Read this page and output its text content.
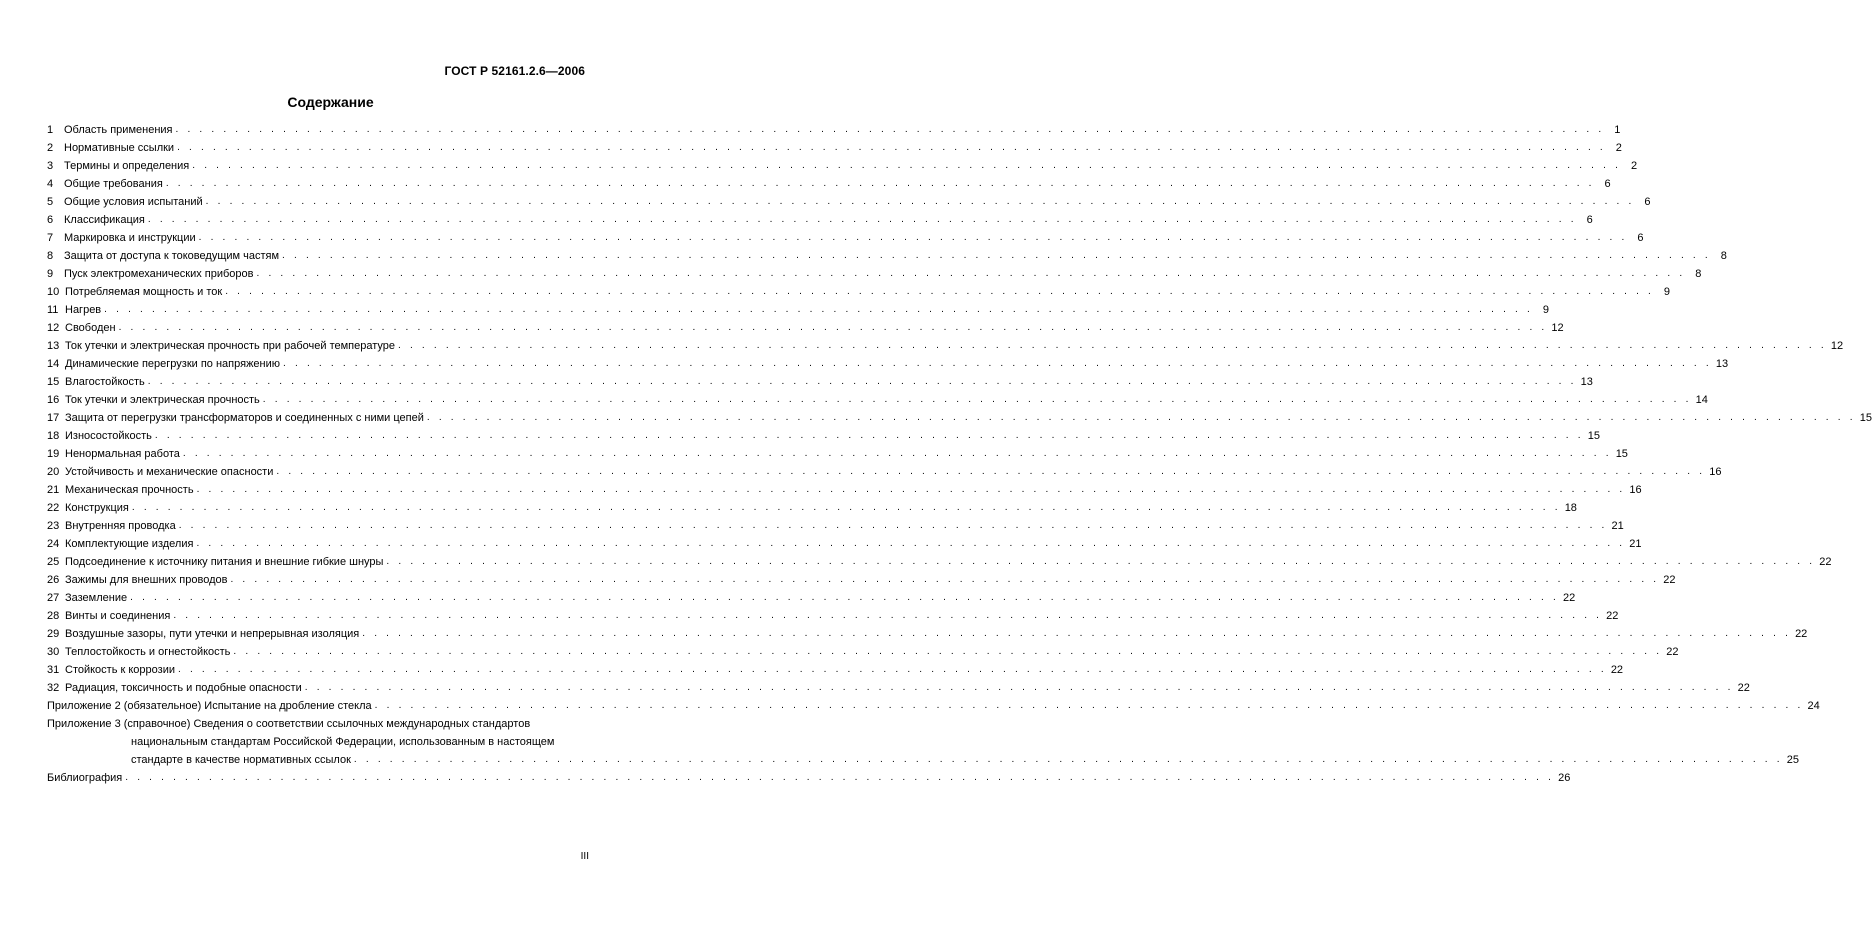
ГОСТ Р 52161.2.6—2006
Содержание
1 Область применения . . . . . . . . . . . . . . . . . . . . . . . . . . . . . . . . . . . . . . . . . . . . . . . . . . . . . . . . . . . . . . . . . . . . . . . . . . . . . . . . . . . . . . . . . . . . . . . . . . . . . . . . . . . . . . . . . . . . . . . . 1
2 Нормативные ссылки . . . . . . . . . . . . . . . . . . . . . . . . . . . . . . . . . . . . . . . . . . . . . . . . . . . . . . . . . . . . . . . . . . . . . . . . . . . . . . . . . . . . . . . . . . . . . . . . . . . . . . . . . . . . . . . . . . . . . . . . 2
3 Термины и определения . . . . . . . . . . . . . . . . . . . . . . . . . . . . . . . . . . . . . . . . . . . . . . . . . . . . . . . . . . . . . . . . . . . . . . . . . . . . . . . . . . . . . . . . . . . . . . . . . . . . . . . . . . . . . . . . . . . . . . . . 2
4 Общие требования . . . . . . . . . . . . . . . . . . . . . . . . . . . . . . . . . . . . . . . . . . . . . . . . . . . . . . . . . . . . . . . . . . . . . . . . . . . . . . . . . . . . . . . . . . . . . . . . . . . . . . . . . . . . . . . . . . . . . . . . 6
5 Общие условия испытаний . . . . . . . . . . . . . . . . . . . . . . . . . . . . . . . . . . . . . . . . . . . . . . . . . . . . . . . . . . . . . . . . . . . . . . . . . . . . . . . . . . . . . . . . . . . . . . . . . . . . . . . . . . . . . . . . . . . . . . . . 6
6 Классификация . . . . . . . . . . . . . . . . . . . . . . . . . . . . . . . . . . . . . . . . . . . . . . . . . . . . . . . . . . . . . . . . . . . . . . . . . . . . . . . . . . . . . . . . . . . . . . . . . . . . . . . . . . . . . . . . . . . . . . . . 6
7 Маркировка и инструкции . . . . . . . . . . . . . . . . . . . . . . . . . . . . . . . . . . . . . . . . . . . . . . . . . . . . . . . . . . . . . . . . . . . . . . . . . . . . . . . . . . . . . . . . . . . . . . . . . . . . . . . . . . . . . . . . . . . . . . . . 6
8 Защита от доступа к токоведущим частям . . . . . . . . . . . . . . . . . . . . . . . . . . . . . . . . . . . . . . . . . . . . . . . . . . . . . . . . . . . . . . . . . . . . . . . . . . . . . . . . . . . . . . . . . . . . . . . . . . . . . . . . . . . . . . . . . . . . . . . . 8
9 Пуск электромеханических приборов . . . . . . . . . . . . . . . . . . . . . . . . . . . . . . . . . . . . . . . . . . . . . . . . . . . . . . . . . . . . . . . . . . . . . . . . . . . . . . . . . . . . . . . . . . . . . . . . . . . . . . . . . . . . . . . . . . . . . . . . 8
10 Потребляемая мощность и ток . . . . . . . . . . . . . . . . . . . . . . . . . . . . . . . . . . . . . . . . . . . . . . . . . . . . . . . . . . . . . . . . . . . . . . . . . . . . . . . . . . . . . . . . . . . . . . . . . . . . . . . . . . . . . . . . . . . . . . . . 9
11 Нагрев . . . . . . . . . . . . . . . . . . . . . . . . . . . . . . . . . . . . . . . . . . . . . . . . . . . . . . . . . . . . . . . . . . . . . . . . . . . . . . . . . . . . . . . . . . . . . . . . . . . . . . . . . . . . . . . . . . . . . . . . 9
12 Свободен . . . . . . . . . . . . . . . . . . . . . . . . . . . . . . . . . . . . . . . . . . . . . . . . . . . . . . . . . . . . . . . . . . . . . . . . . . . . . . . . . . . . . . . . . . . . . . . . . . . . . . . . . . . . . . . . . . . . . . . . 12
13 Ток утечки и электрическая прочность при рабочей температуре . . . . . . . . . . . . . . . . . . . . . . . . . . . . . . . . . . . . . . . . . . . . . . . . . . . . . . . . . . . . . . . . . . . . . . . . . . . . . . . . . . . . . . . . . . . . . . . . . . . . . . . . . . . . . . . . . . . . . . . . 12
14 Динамические перегрузки по напряжению . . . . . . . . . . . . . . . . . . . . . . . . . . . . . . . . . . . . . . . . . . . . . . . . . . . . . . . . . . . . . . . . . . . . . . . . . . . . . . . . . . . . . . . . . . . . . . . . . . . . . . . . . . . . . . . . . . . . . . . . 13
15 Влагостойкость . . . . . . . . . . . . . . . . . . . . . . . . . . . . . . . . . . . . . . . . . . . . . . . . . . . . . . . . . . . . . . . . . . . . . . . . . . . . . . . . . . . . . . . . . . . . . . . . . . . . . . . . . . . . . . . . . . . . . . . . 13
16 Ток утечки и электрическая прочность . . . . . . . . . . . . . . . . . . . . . . . . . . . . . . . . . . . . . . . . . . . . . . . . . . . . . . . . . . . . . . . . . . . . . . . . . . . . . . . . . . . . . . . . . . . . . . . . . . . . . . . . . . . . . . . . . . . . . . . . 14
17 Защита от перегрузки трансформаторов и соединенных с ними цепей . . . . . . . . . . . . . . . . . . . . . . . . . . . . . . . . . . . . . . . . . . . . . . . . . . . . . . . . . . . . . . . . . . . . . . . . . . . . . . . . . . . . . . . . . . . . . . . . . . . . . . . . . . . . . . . . . . . . . . . . 15
18 Износостойкость . . . . . . . . . . . . . . . . . . . . . . . . . . . . . . . . . . . . . . . . . . . . . . . . . . . . . . . . . . . . . . . . . . . . . . . . . . . . . . . . . . . . . . . . . . . . . . . . . . . . . . . . . . . . . . . . . . . . . . . . 15
19 Ненормальная работа . . . . . . . . . . . . . . . . . . . . . . . . . . . . . . . . . . . . . . . . . . . . . . . . . . . . . . . . . . . . . . . . . . . . . . . . . . . . . . . . . . . . . . . . . . . . . . . . . . . . . . . . . . . . . . . . . . . . . . . . 15
20 Устойчивость и механические опасности . . . . . . . . . . . . . . . . . . . . . . . . . . . . . . . . . . . . . . . . . . . . . . . . . . . . . . . . . . . . . . . . . . . . . . . . . . . . . . . . . . . . . . . . . . . . . . . . . . . . . . . . . . . . . . . . . . . . . . . . 16
21 Механическая прочность . . . . . . . . . . . . . . . . . . . . . . . . . . . . . . . . . . . . . . . . . . . . . . . . . . . . . . . . . . . . . . . . . . . . . . . . . . . . . . . . . . . . . . . . . . . . . . . . . . . . . . . . . . . . . . . . . . . . . . . . 16
22 Конструкция . . . . . . . . . . . . . . . . . . . . . . . . . . . . . . . . . . . . . . . . . . . . . . . . . . . . . . . . . . . . . . . . . . . . . . . . . . . . . . . . . . . . . . . . . . . . . . . . . . . . . . . . . . . . . . . . . . . . . . . . 18
23 Внутренняя проводка . . . . . . . . . . . . . . . . . . . . . . . . . . . . . . . . . . . . . . . . . . . . . . . . . . . . . . . . . . . . . . . . . . . . . . . . . . . . . . . . . . . . . . . . . . . . . . . . . . . . . . . . . . . . . . . . . . . . . . . . 21
24 Комплектующие изделия . . . . . . . . . . . . . . . . . . . . . . . . . . . . . . . . . . . . . . . . . . . . . . . . . . . . . . . . . . . . . . . . . . . . . . . . . . . . . . . . . . . . . . . . . . . . . . . . . . . . . . . . . . . . . . . . . . . . . . . . 21
25 Подсоединение к источнику питания и внешние гибкие шнуры . . . . . . . . . . . . . . . . . . . . . . . . . . . . . . . . . . . . . . . . . . . . . . . . . . . . . . . . . . . . . . . . . . . . . . . . . . . . . . . . . . . . . . . . . . . . . . . . . . . . . . . . . . . . . . . . . . . . . . . . 22
26 Зажимы для внешних проводов . . . . . . . . . . . . . . . . . . . . . . . . . . . . . . . . . . . . . . . . . . . . . . . . . . . . . . . . . . . . . . . . . . . . . . . . . . . . . . . . . . . . . . . . . . . . . . . . . . . . . . . . . . . . . . . . . . . . . . . . 22
27 Заземление . . . . . . . . . . . . . . . . . . . . . . . . . . . . . . . . . . . . . . . . . . . . . . . . . . . . . . . . . . . . . . . . . . . . . . . . . . . . . . . . . . . . . . . . . . . . . . . . . . . . . . . . . . . . . . . . . . . . . . . . 22
28 Винты и соединения . . . . . . . . . . . . . . . . . . . . . . . . . . . . . . . . . . . . . . . . . . . . . . . . . . . . . . . . . . . . . . . . . . . . . . . . . . . . . . . . . . . . . . . . . . . . . . . . . . . . . . . . . . . . . . . . . . . . . . . . 22
29 Воздушные зазоры, пути утечки и непрерывная изоляция . . . . . . . . . . . . . . . . . . . . . . . . . . . . . . . . . . . . . . . . . . . . . . . . . . . . . . . . . . . . . . . . . . . . . . . . . . . . . . . . . . . . . . . . . . . . . . . . . . . . . . . . . . . . . . . . . . . . . . . . 22
30 Теплостойкость и огнестойкость . . . . . . . . . . . . . . . . . . . . . . . . . . . . . . . . . . . . . . . . . . . . . . . . . . . . . . . . . . . . . . . . . . . . . . . . . . . . . . . . . . . . . . . . . . . . . . . . . . . . . . . . . . . . . . . . . . . . . . . . 22
31 Стойкость к коррозии . . . . . . . . . . . . . . . . . . . . . . . . . . . . . . . . . . . . . . . . . . . . . . . . . . . . . . . . . . . . . . . . . . . . . . . . . . . . . . . . . . . . . . . . . . . . . . . . . . . . . . . . . . . . . . . . . . . . . . . . 22
32 Радиация, токсичность и подобные опасности . . . . . . . . . . . . . . . . . . . . . . . . . . . . . . . . . . . . . . . . . . . . . . . . . . . . . . . . . . . . . . . . . . . . . . . . . . . . . . . . . . . . . . . . . . . . . . . . . . . . . . . . . . . . . . . . . . . . . . . . 22
Приложение 2 (обязательное) Испытание на дробление стекла . . . . . . . . . . . . . . . . . . . . . . . . . . . . . . . . . . . . . . . . . . . . . . . . . . . . . . . . . . . . . . . . . . . . . . . . . . . . . . . . . . . . . . . . . . . . . . . . . . . . . . . . . . . . . . . . . . . . . . . . 24
Приложение 3 (справочное) Сведения о соответствии ссылочных международных стандартов
национальным стандартам Российской Федерации, использованным в настоящем
стандарте в качестве нормативных ссылок . . . . . . . . . . . . . . . . . . . . . . . . . . . . . . . . . . . . . . . . . . . . . . . . . . . . . . . . . . . . . . . . . . . . . . . . . . . . . . . . . . . . . . . . . . . . . . . . . . . . . . . . . . . . . . . . . . . . . . . . 25
Библиография . . . . . . . . . . . . . . . . . . . . . . . . . . . . . . . . . . . . . . . . . . . . . . . . . . . . . . . . . . . . . . . . . . . . . . . . . . . . . . . . . . . . . . . . . . . . . . . . . . . . . . . . . . . . . . . . . . . . . . . . 26
III
